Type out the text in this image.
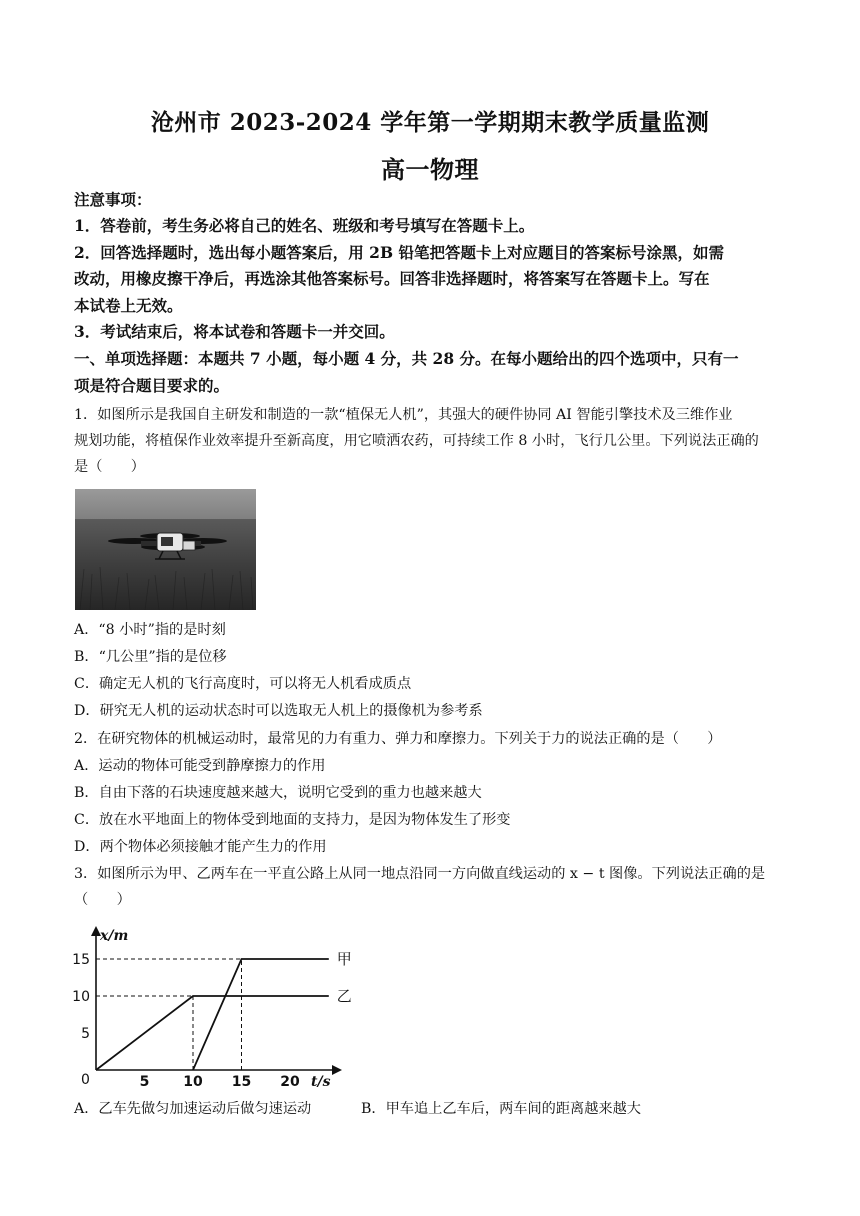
沧州市 2023-2024 学年第一学期期末教学质量监测
高一物理
注意事项：
1．答卷前，考生务必将自己的姓名、班级和考号填写在答题卡上。
2．回答选择题时，选出每小题答案后，用 2B 铅笔把答题卡上对应题目的答案标号涂黑，如需
改动，用橡皮擦干净后，再选涂其他答案标号。回答非选择题时，将答案写在答题卡上。写在
本试卷上无效。
3．考试结束后，将本试卷和答题卡一并交回。
一、单项选择题：本题共 7 小题，每小题 4 分，共 28 分。在每小题给出的四个选项中，只有一
项是符合题目要求的。
1．如图所示是我国自主研发和制造的一款“植保无人机”，其强大的硬件协同 AI 智能引擎技术及三维作业
规划功能，将植保作业效率提升至新高度，用它喷洒农药，可持续工作 8 小时，飞行几公里。下列说法正确的
是（　　）
A．“8 小时”指的是时刻
B．“几公里”指的是位移
C．确定无人机的飞行高度时，可以将无人机看成质点
D．研究无人机的运动状态时可以选取无人机上的摄像机为参考系
2．在研究物体的机械运动时，最常见的力有重力、弹力和摩擦力。下列关于力的说法正确的是（　　）
A．运动的物体可能受到静摩擦力的作用
B．自由下落的石块速度越来越大，说明它受到的重力也越来越大
C．放在水平地面上的物体受到地面的支持力，是因为物体发生了形变
D．两个物体必须接触才能产生力的作用
3．如图所示为甲、乙两车在一平直公路上从同一地点沿同一方向做直线运动的 x − t 图像。下列说法正确的是
（　　）
x/m
t/s
0
甲
乙
5 10 15 20
5
10
15
A．乙车先做匀加速运动后做匀速运动	B．甲车追上乙车后，两车间的距离越来越大
